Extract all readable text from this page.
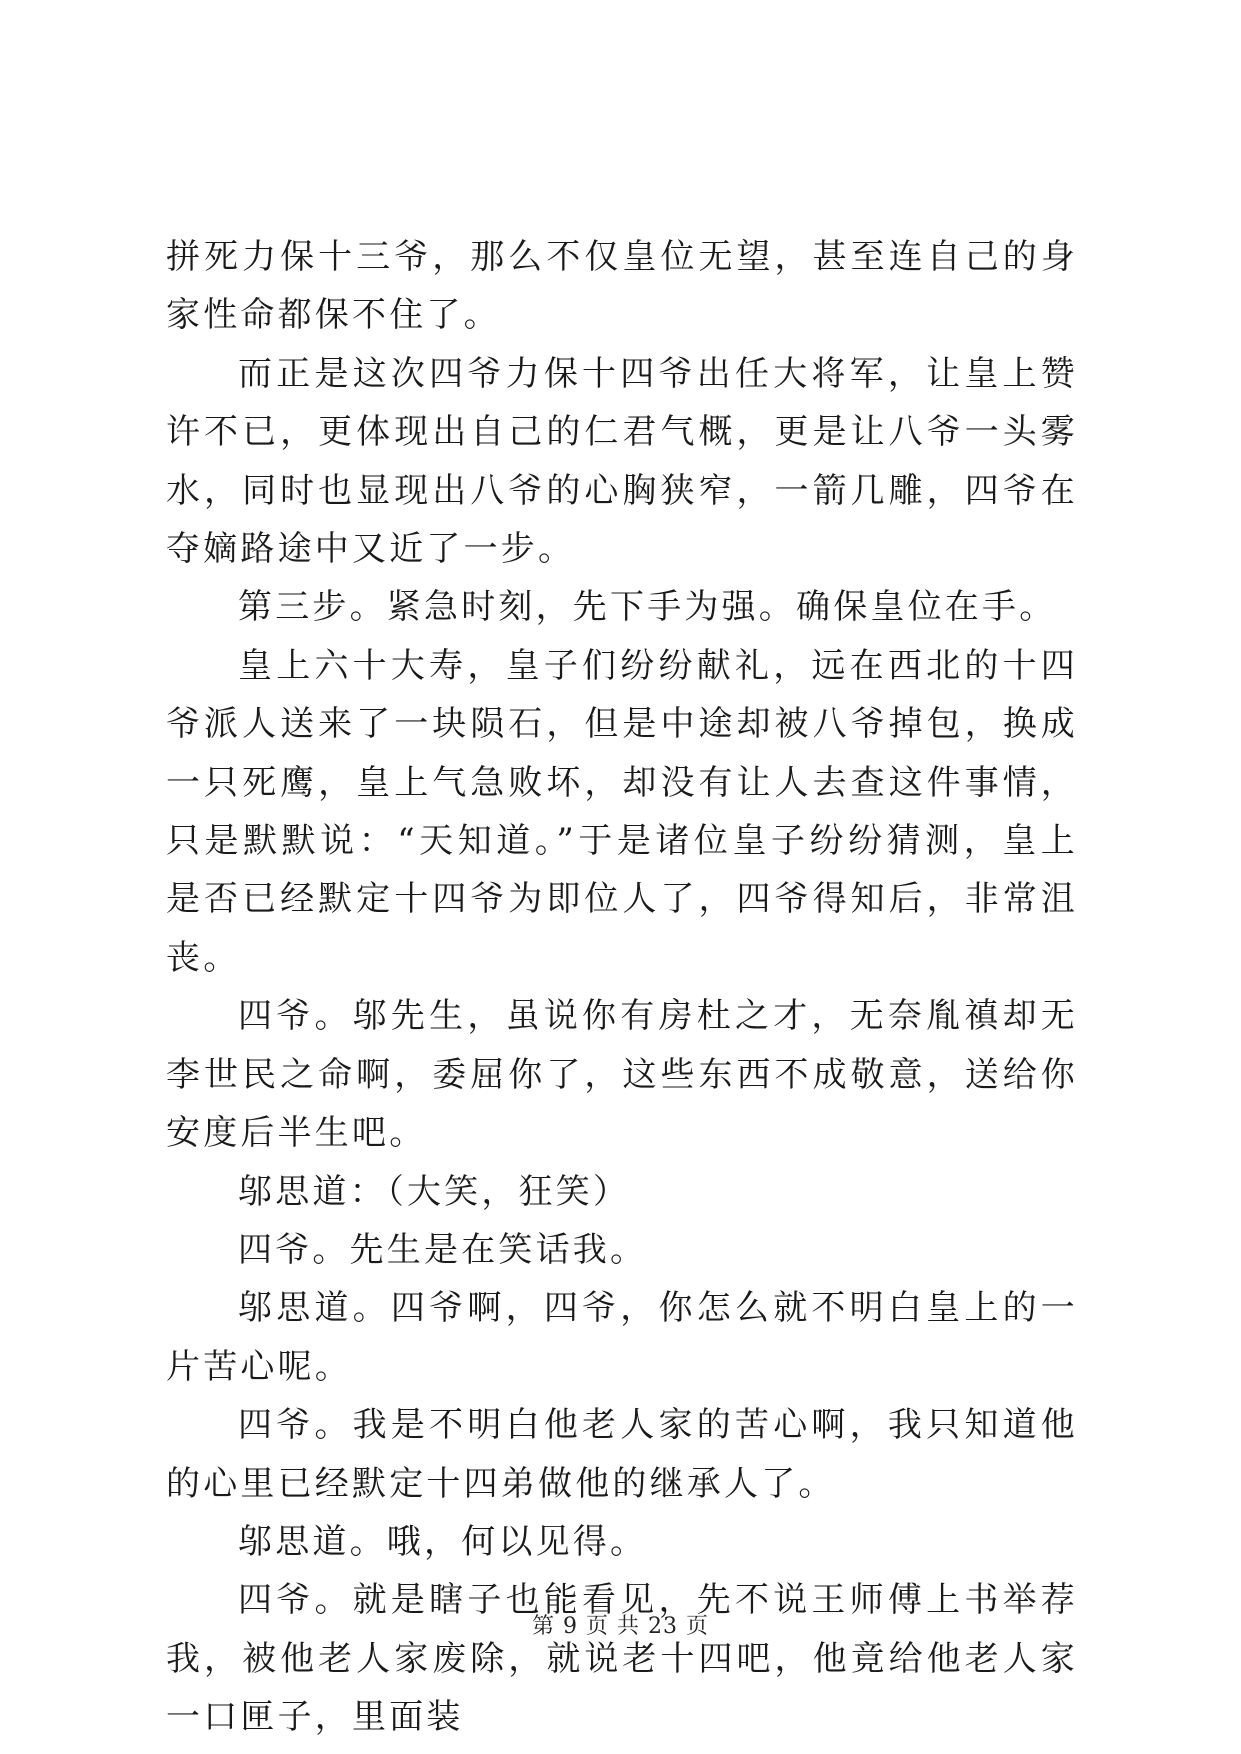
拼死力保十三爷，那么不仅皇位无望，甚至连自己的身家性命都保不住了。

而正是这次四爷力保十四爷出任大将军，让皇上赞许不已，更体现出自己的仁君气概，更是让八爷一头雾水，同时也显现出八爷的心胸狭窄，一箭几雕，四爷在夺嫡路途中又近了一步。

第三步。紧急时刻，先下手为强。确保皇位在手。

皇上六十大寿，皇子们纷纷献礼，远在西北的十四爷派人送来了一块陨石，但是中途却被八爷掉包，换成一只死鹰，皇上气急败坏，却没有让人去查这件事情，只是默默说：“天知道。”于是诸位皇子纷纷猜测，皇上是否已经默定十四爷为即位人了，四爷得知后，非常沮丧。

四爷。邬先生，虽说你有房杜之才，无奈胤禛却无李世民之命啊，委屈你了，这些东西不成敬意，送给你安度后半生吧。

邬思道：（大笑，狂笑）

四爷。先生是在笑话我。

邬思道。四爷啊，四爷，你怎么就不明白皇上的一片苦心呢。

四爷。我是不明白他老人家的苦心啊，我只知道他的心里已经默定十四弟做他的继承人了。

邬思道。哦，何以见得。

四爷。就是瞎子也能看见，先不说王师傅上书举荐我，被他老人家废除，就说老十四吧，他竟给他老人家一口匣子，里面装

第 9 页 共 23 页
